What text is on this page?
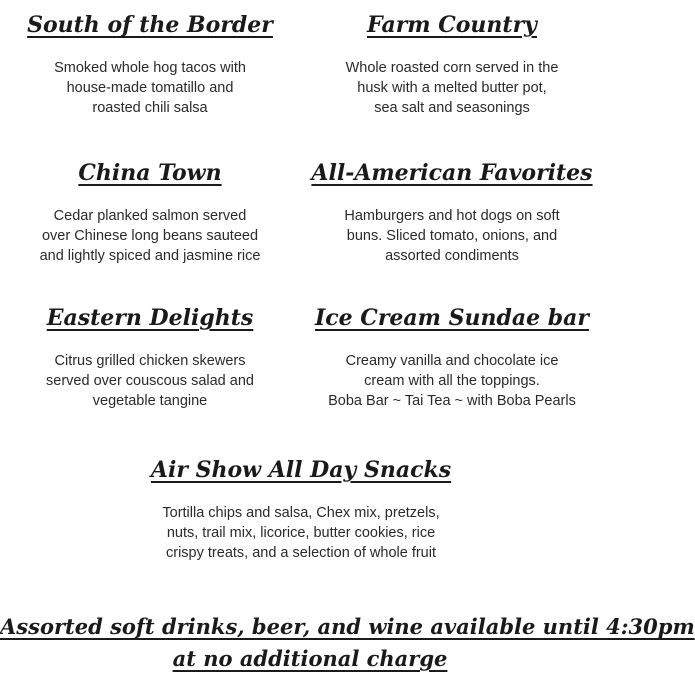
South of the Border
Smoked whole hog tacos with
house-made tomatillo and
roasted chili salsa
Farm Country
Whole roasted corn served in the
husk with a melted butter pot,
sea salt and seasonings
China Town
Cedar planked salmon served
over Chinese long beans sauteed
and lightly spiced and jasmine rice
All-American Favorites
Hamburgers and hot dogs on soft
buns. Sliced tomato, onions, and
assorted condiments
Eastern Delights
Citrus grilled chicken skewers
served over couscous salad and
vegetable tangine
Ice Cream Sundae bar
Creamy vanilla and chocolate ice
cream with all the toppings.
Boba Bar ~ Tai Tea ~ with Boba Pearls
Air Show All Day Snacks
Tortilla chips and salsa, Chex mix, pretzels,
nuts, trail mix, licorice, butter cookies, rice
crispy treats, and a selection of whole fruit
Assorted soft drinks, beer, and wine available until 4:30pm
at no additional charge
